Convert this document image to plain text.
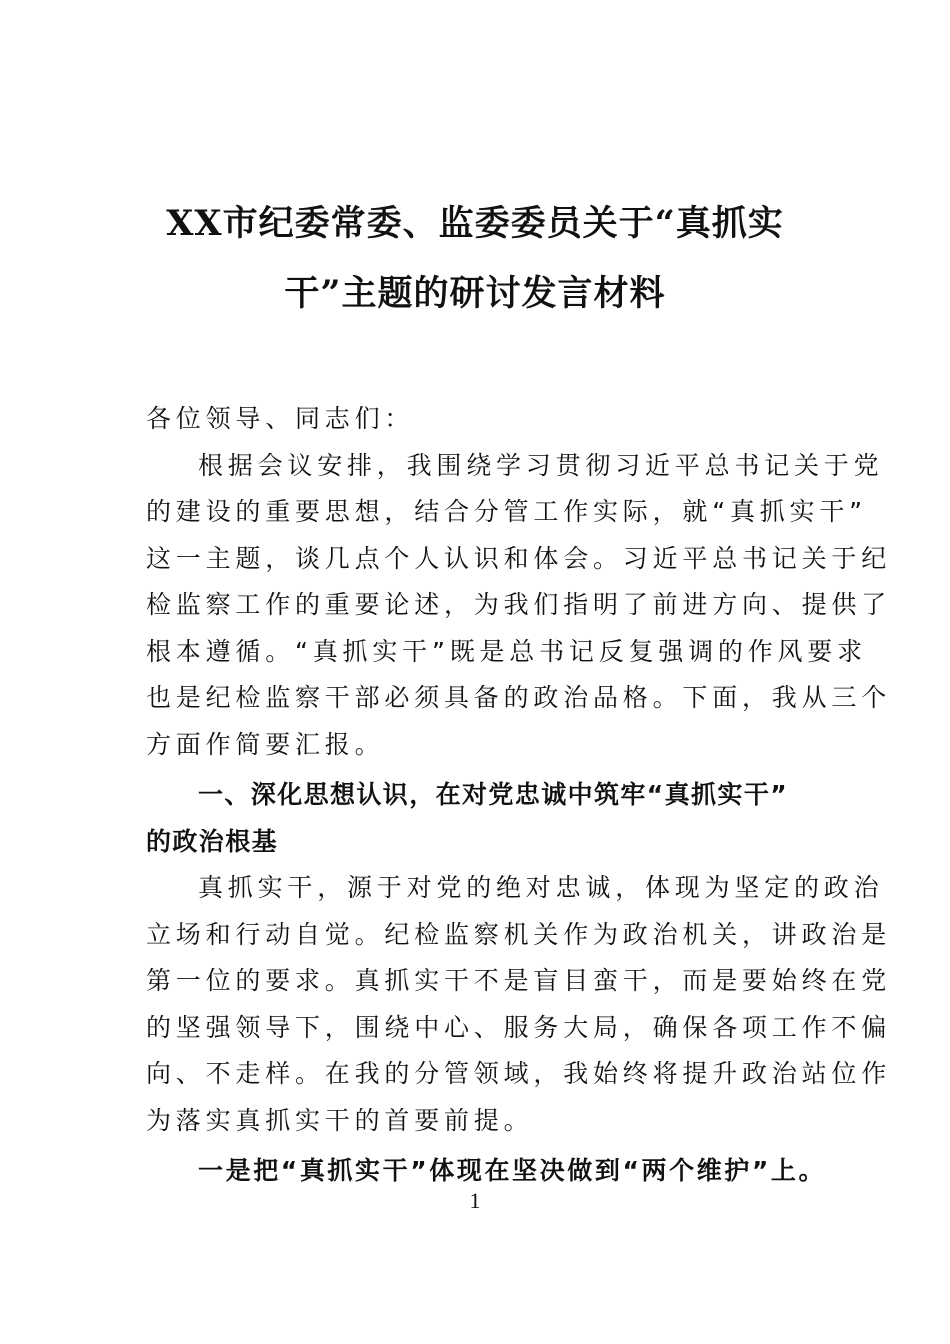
XX市纪委常委、监委委员关于“真抓实
干”主题的研讨发言材料
各位领导、同志们：
根据会议安排，我围绕学习贯彻习近平总书记关于党
的建设的重要思想，结合分管工作实际，就“真抓实干”
这一主题，谈几点个人认识和体会。习近平总书记关于纪
检监察工作的重要论述，为我们指明了前进方向、提供了
根本遵循。“真抓实干”既是总书记反复强调的作风要求
也是纪检监察干部必须具备的政治品格。下面，我从三个
方面作简要汇报。
一、深化思想认识，在对党忠诚中筑牢“真抓实干”
的政治根基
真抓实干，源于对党的绝对忠诚，体现为坚定的政治
立场和行动自觉。纪检监察机关作为政治机关，讲政治是
第一位的要求。真抓实干不是盲目蛮干，而是要始终在党
的坚强领导下，围绕中心、服务大局，确保各项工作不偏
向、不走样。在我的分管领域，我始终将提升政治站位作
为落实真抓实干的首要前提。
一是把“真抓实干”体现在坚决做到“两个维护”上。
1
